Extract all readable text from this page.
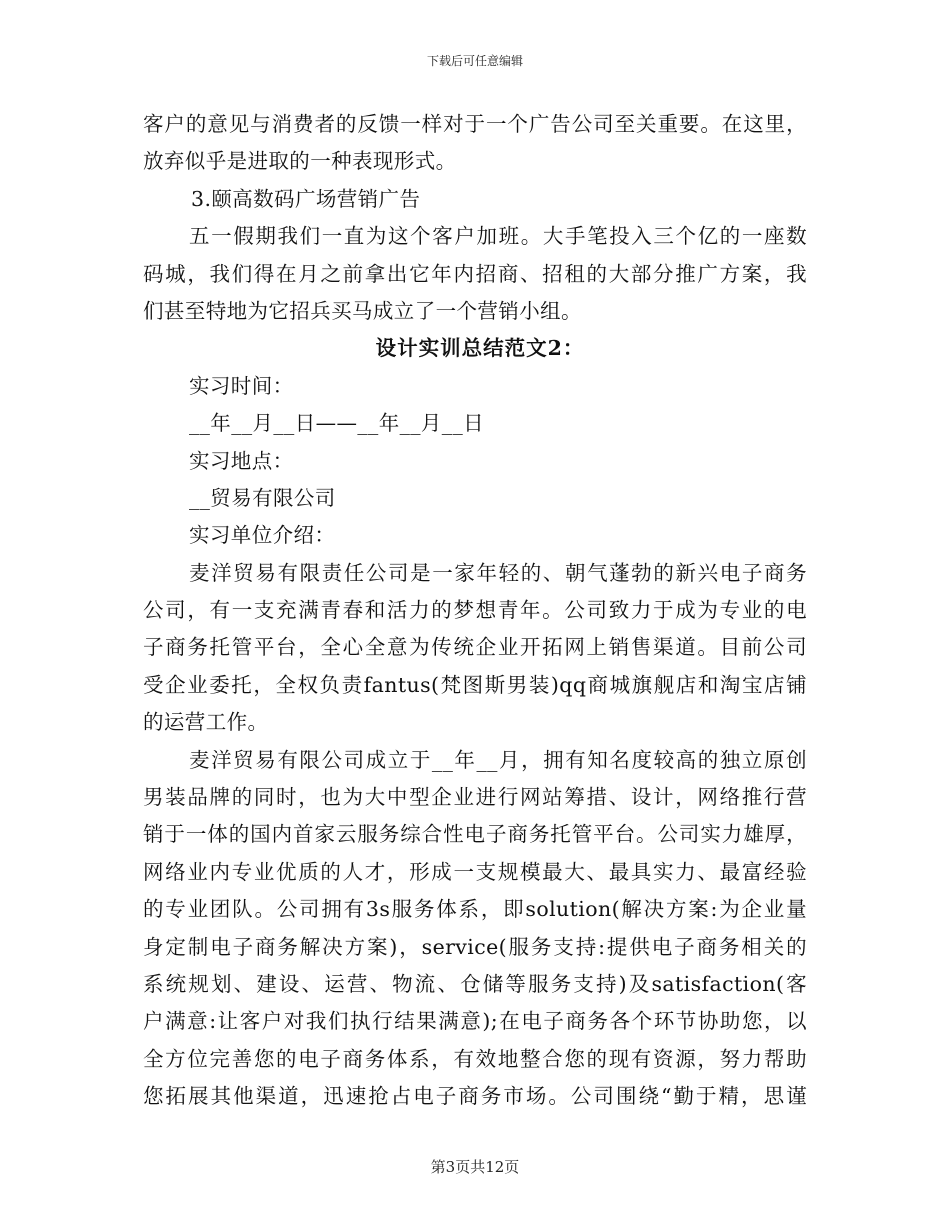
下载后可任意编辑
客户的意见与消费者的反馈一样对于一个广告公司至关重要。在这里，
放弃似乎是进取的一种表现形式。
3.颐高数码广场营销广告
五一假期我们一直为这个客户加班。大手笔投入三个亿的一座数
码城，我们得在月之前拿出它年内招商、招租的大部分推广方案，我
们甚至特地为它招兵买马成立了一个营销小组。
设计实训总结范文2：
实习时间：
__年__月__日——__年__月__日
实习地点：
__贸易有限公司
实习单位介绍：
麦洋贸易有限责任公司是一家年轻的、朝气蓬勃的新兴电子商务
公司，有一支充满青春和活力的梦想青年。公司致力于成为专业的电
子商务托管平台，全心全意为传统企业开拓网上销售渠道。目前公司
受企业委托，全权负责fantus(梵图斯男装)qq商城旗舰店和淘宝店铺
的运营工作。
麦洋贸易有限公司成立于__年__月，拥有知名度较高的独立原创
男装品牌的同时，也为大中型企业进行网站筹措、设计，网络推行营
销于一体的国内首家云服务综合性电子商务托管平台。公司实力雄厚，
网络业内专业优质的人才，形成一支规模最大、最具实力、最富经验
的专业团队。公司拥有3s服务体系，即solution(解决方案:为企业量
身定制电子商务解决方案)，service(服务支持:提供电子商务相关的
系统规划、建设、运营、物流、仓储等服务支持)及satisfaction(客
户满意:让客户对我们执行结果满意);在电子商务各个环节协助您，以
全方位完善您的电子商务体系，有效地整合您的现有资源，努力帮助
您拓展其他渠道，迅速抢占电子商务市场。公司围绕“勤于精，思谨
第3页共12页
